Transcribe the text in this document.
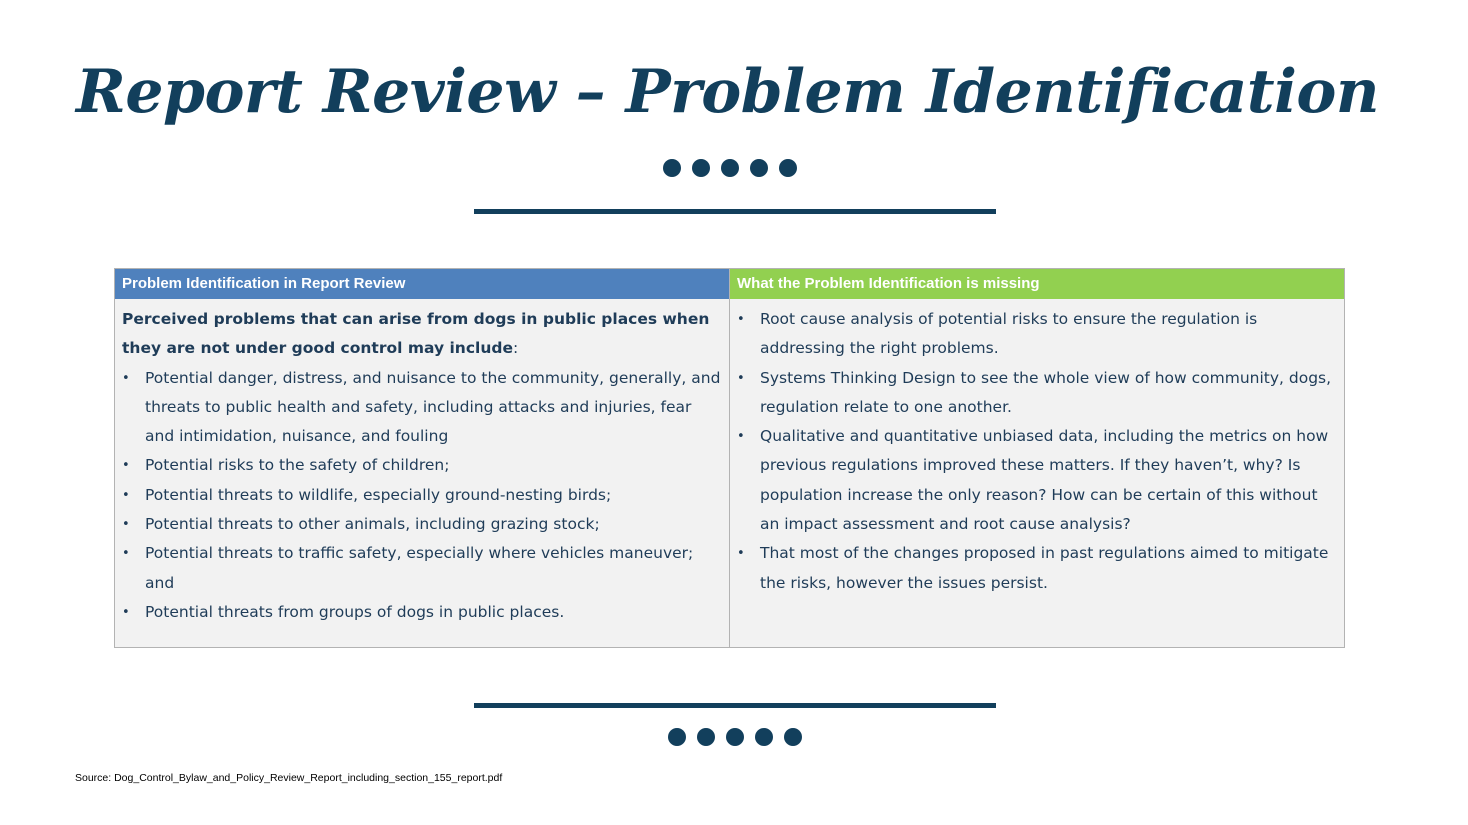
Report Review – Problem Identification
Problem Identification in Report Review	What the Problem Identification is missing

Perceived problems that can arise from dogs in public places when they are not under good control may include:

• Potential danger, distress, and nuisance to the community, generally, and threats to public health and safety, including attacks and injuries, fear and intimidation, nuisance, and fouling
• Potential risks to the safety of children;
• Potential threats to wildlife, especially ground-nesting birds;
• Potential threats to other animals, including grazing stock;
• Potential threats to traffic safety, especially where vehicles maneuver; and
• Potential threats from groups of dogs in public places.
• Root cause analysis of potential risks to ensure the regulation is addressing the right problems.
• Systems Thinking Design to see the whole view of how community, dogs, regulation relate to one another.
• Qualitative and quantitative unbiased data, including the metrics on how previous regulations improved these matters. If they haven’t, why? Is population increase the only reason? How can be certain of this without an impact assessment and root cause analysis?
• That most of the changes proposed in past regulations aimed to mitigate the risks, however the issues persist.
Source: Dog_Control_Bylaw_and_Policy_Review_Report_including_section_155_report.pdf
